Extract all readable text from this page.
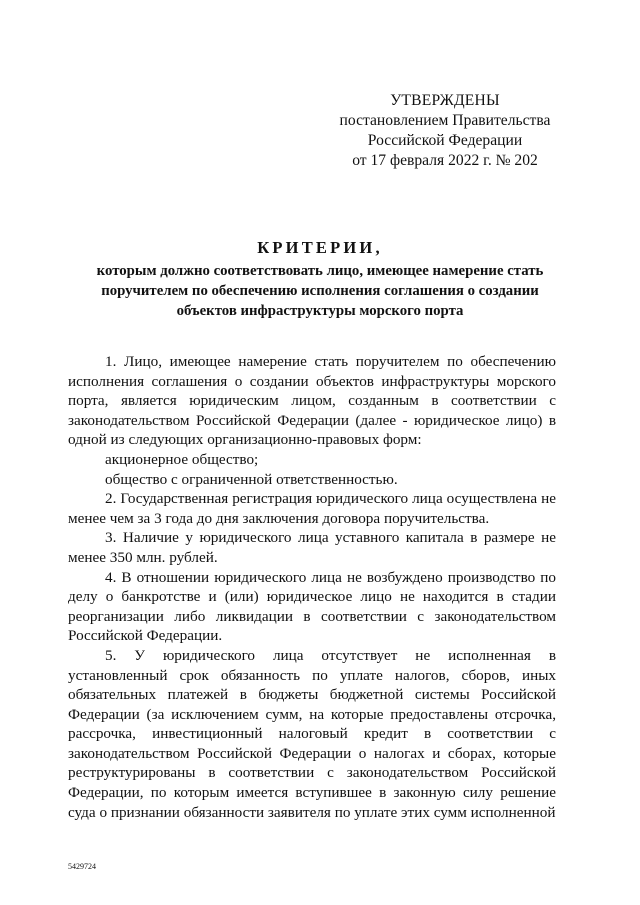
УТВЕРЖДЕНЫ
постановлением Правительства
Российской Федерации
от 17 февраля 2022 г. № 202
КРИТЕРИИ,
которым должно соответствовать лицо, имеющее намерение стать поручителем по обеспечению исполнения соглашения о создании объектов инфраструктуры морского порта

1. Лицо, имеющее намерение стать поручителем по обеспечению исполнения соглашения о создании объектов инфраструктуры морского порта, является юридическим лицом, созданным в соответствии с законодательством Российской Федерации (далее - юридическое лицо) в одной из следующих организационно-правовых форм:

акционерное общество;

общество с ограниченной ответственностью.

2. Государственная регистрация юридического лица осуществлена не менее чем за 3 года до дня заключения договора поручительства.

3. Наличие у юридического лица уставного капитала в размере не менее 350 млн. рублей.

4. В отношении юридического лица не возбуждено производство по делу о банкротстве и (или) юридическое лицо не находится в стадии реорганизации либо ликвидации в соответствии с законодательством Российской Федерации.

5. У юридического лица отсутствует не исполненная в установленный срок обязанность по уплате налогов, сборов, иных обязательных платежей в бюджеты бюджетной системы Российской Федерации (за исключением сумм, на которые предоставлены отсрочка, рассрочка, инвестиционный налоговый кредит в соответствии с законодательством Российской Федерации о налогах и сборах, которые реструктурированы в соответствии с законодательством Российской Федерации, по которым имеется вступившее в законную силу решение суда о признании обязанности заявителя по уплате этих сумм исполненной

5429724
